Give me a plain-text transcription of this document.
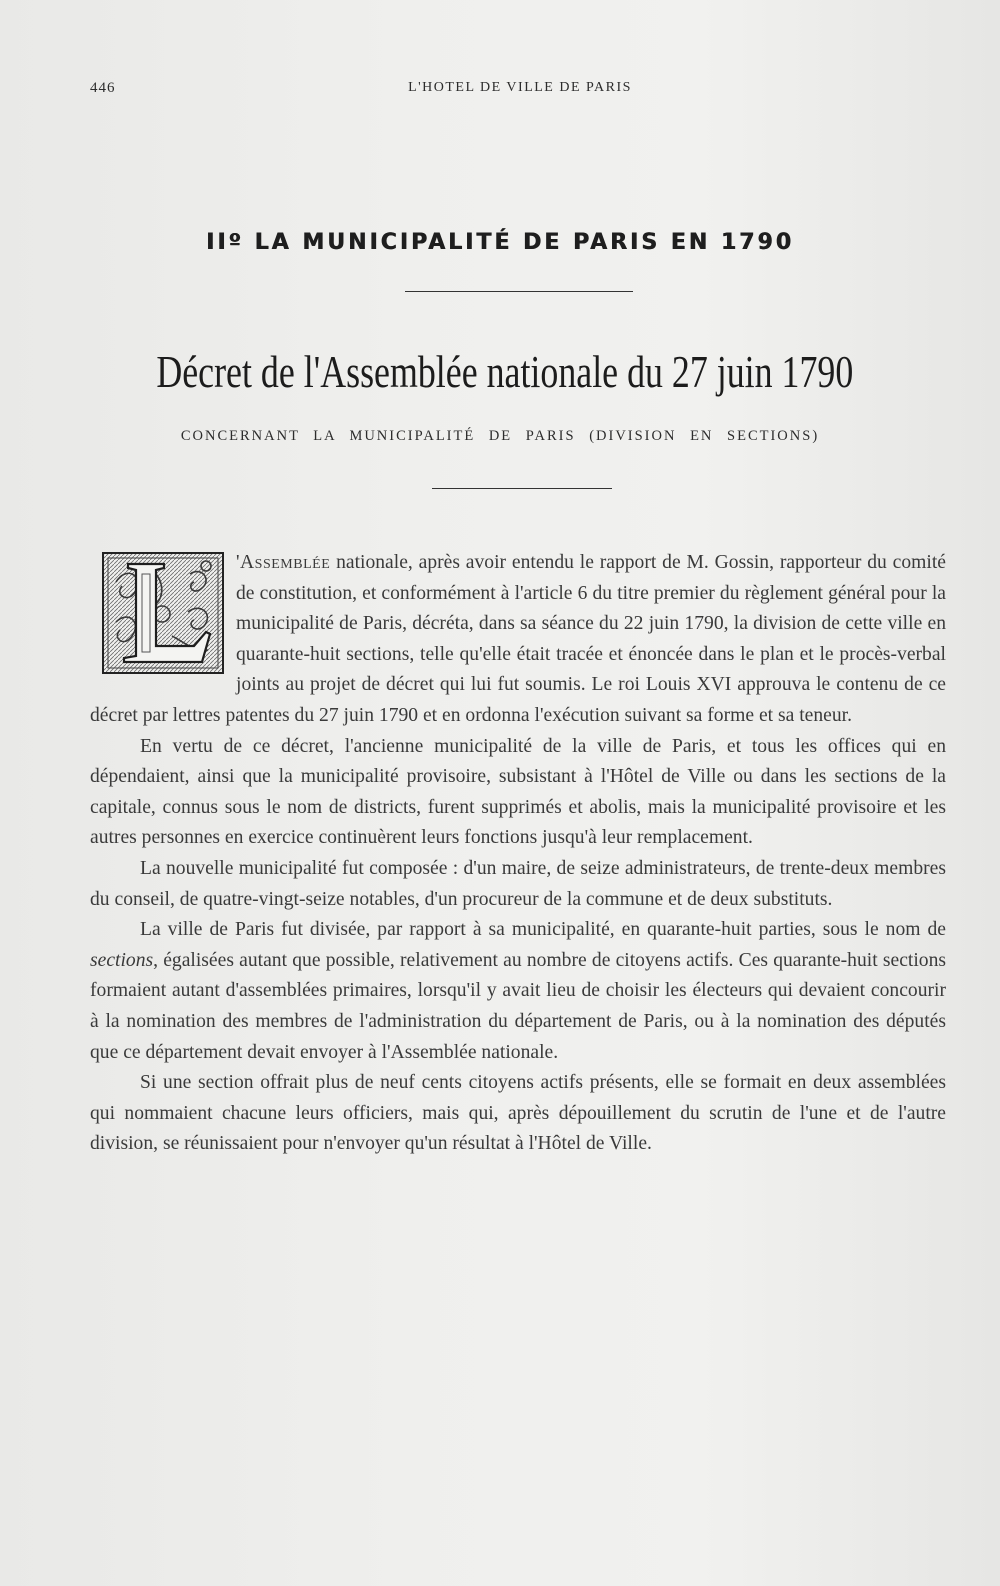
446	L'HOTEL DE VILLE DE PARIS
IIº LA MUNICIPALITÉ DE PARIS EN 1790
Décret de l'Assemblée nationale du 27 juin 1790
CONCERNANT LA MUNICIPALITÉ DE PARIS (DIVISION EN SECTIONS)

'Assemblée nationale, après avoir entendu le rapport de M. Gossin, rapporteur du comité de constitution, et conformément à l'article 6 du titre premier du règlement général pour la municipalité de Paris, décréta, dans sa séance du 22 juin 1790, la division de cette ville en quarante-huit sections, telle qu'elle était tracée et énoncée dans le plan et le procès-verbal joints au projet de décret qui lui fut soumis. Le roi Louis XVI approuva le contenu de ce décret par lettres patentes du 27 juin 1790 et en ordonna l'exécution suivant sa forme et sa teneur.

En vertu de ce décret, l'ancienne municipalité de la ville de Paris, et tous les offices qui en dépendaient, ainsi que la municipalité provisoire, subsistant à l'Hôtel de Ville ou dans les sections de la capitale, connus sous le nom de districts, furent supprimés et abolis, mais la municipalité provisoire et les autres personnes en exercice continuèrent leurs fonctions jusqu'à leur remplacement.

La nouvelle municipalité fut composée : d'un maire, de seize administrateurs, de trente-deux membres du conseil, de quatre-vingt-seize notables, d'un procureur de la commune et de deux substituts.

La ville de Paris fut divisée, par rapport à sa municipalité, en quarante-huit parties, sous le nom de sections, égalisées autant que possible, relativement au nombre de citoyens actifs. Ces quarante-huit sections formaient autant d'assemblées primaires, lorsqu'il y avait lieu de choisir les électeurs qui devaient concourir à la nomination des membres de l'administration du département de Paris, ou à la nomination des députés que ce département devait envoyer à l'Assemblée nationale.

Si une section offrait plus de neuf cents citoyens actifs présents, elle se formait en deux assemblées qui nommaient chacune leurs officiers, mais qui, après dépouillement du scrutin de l'une et de l'autre division, se réunissaient pour n'envoyer qu'un résultat à l'Hôtel de Ville.
